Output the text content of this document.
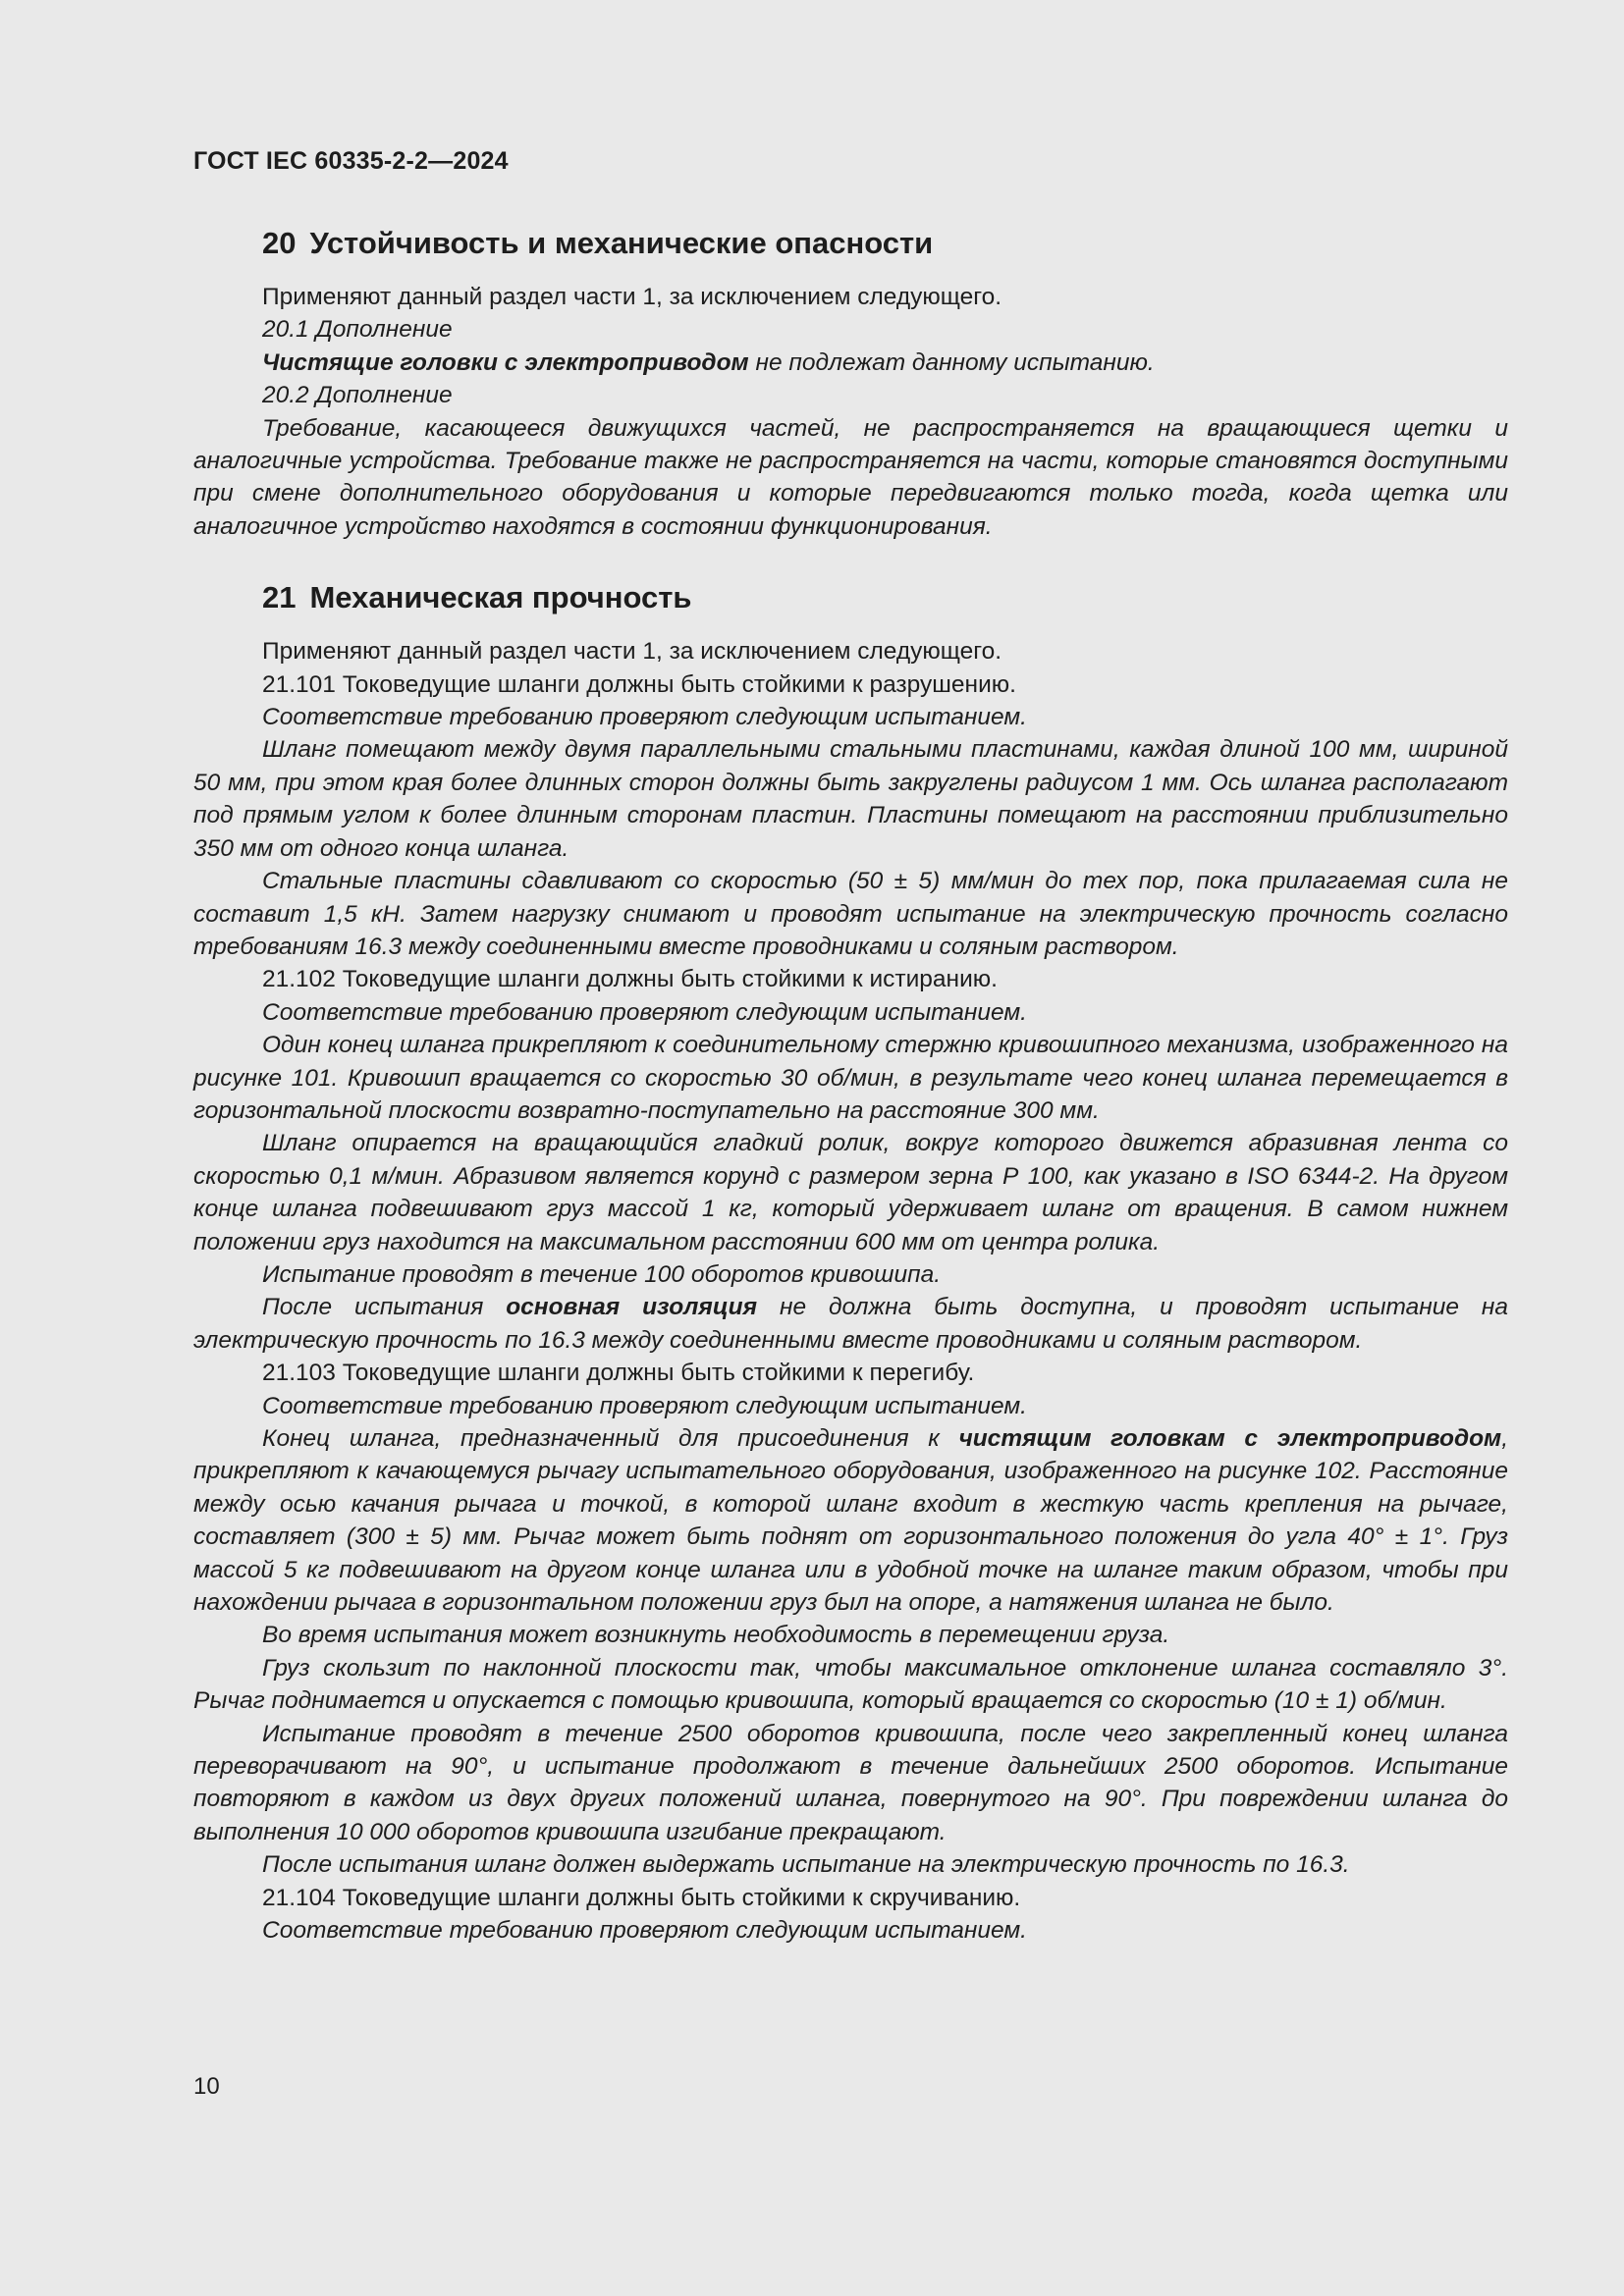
ГОСТ IEC 60335-2-2—2024
20 Устойчивость и механические опасности

Применяют данный раздел части 1, за исключением следующего.

20.1 Дополнение

Чистящие головки с электроприводом не подлежат данному испытанию.

20.2 Дополнение

Требование, касающееся движущихся частей, не распространяется на вращающиеся щетки и аналогичные устройства. Требование также не распространяется на части, которые становятся доступными при смене дополнительного оборудования и которые передвигаются только тогда, когда щетка или аналогичное устройство находятся в состоянии функционирования.

21 Механическая прочность

Применяют данный раздел части 1, за исключением следующего.

21.101 Токоведущие шланги должны быть стойкими к разрушению.

Соответствие требованию проверяют следующим испытанием.

Шланг помещают между двумя параллельными стальными пластинами, каждая длиной 100 мм, шириной 50 мм, при этом края более длинных сторон должны быть закруглены радиусом 1 мм. Ось шланга располагают под прямым углом к более длинным сторонам пластин. Пластины помещают на расстоянии приблизительно 350 мм от одного конца шланга.

Стальные пластины сдавливают со скоростью (50 ± 5) мм/мин до тех пор, пока прилагаемая сила не составит 1,5 кН. Затем нагрузку снимают и проводят испытание на электрическую прочность согласно требованиям 16.3 между соединенными вместе проводниками и соляным раствором.

21.102 Токоведущие шланги должны быть стойкими к истиранию.

Соответствие требованию проверяют следующим испытанием.

Один конец шланга прикрепляют к соединительному стержню кривошипного механизма, изображенного на рисунке 101. Кривошип вращается со скоростью 30 об/мин, в результате чего конец шланга перемещается в горизонтальной плоскости возвратно-поступательно на расстояние 300 мм.

Шланг опирается на вращающийся гладкий ролик, вокруг которого движется абразивная лента со скоростью 0,1 м/мин. Абразивом является корунд с размером зерна Р 100, как указано в ISO 6344-2. На другом конце шланга подвешивают груз массой 1 кг, который удерживает шланг от вращения. В самом нижнем положении груз находится на максимальном расстоянии 600 мм от центра ролика.

Испытание проводят в течение 100 оборотов кривошипа.

После испытания основная изоляция не должна быть доступна, и проводят испытание на электрическую прочность по 16.3 между соединенными вместе проводниками и соляным раствором.

21.103 Токоведущие шланги должны быть стойкими к перегибу.

Соответствие требованию проверяют следующим испытанием.

Конец шланга, предназначенный для присоединения к чистящим головкам с электроприводом, прикрепляют к качающемуся рычагу испытательного оборудования, изображенного на рисунке 102. Расстояние между осью качания рычага и точкой, в которой шланг входит в жесткую часть крепления на рычаге, составляет (300 ± 5) мм. Рычаг может быть поднят от горизонтального положения до угла 40° ± 1°. Груз массой 5 кг подвешивают на другом конце шланга или в удобной точке на шланге таким образом, чтобы при нахождении рычага в горизонтальном положении груз был на опоре, а натяжения шланга не было.

Во время испытания может возникнуть необходимость в перемещении груза.

Груз скользит по наклонной плоскости так, чтобы максимальное отклонение шланга составляло 3°. Рычаг поднимается и опускается с помощью кривошипа, который вращается со скоростью (10 ± 1) об/мин.

Испытание проводят в течение 2500 оборотов кривошипа, после чего закрепленный конец шланга переворачивают на 90°, и испытание продолжают в течение дальнейших 2500 оборотов. Испытание повторяют в каждом из двух других положений шланга, повернутого на 90°. При повреждении шланга до выполнения 10 000 оборотов кривошипа изгибание прекращают.

После испытания шланг должен выдержать испытание на электрическую прочность по 16.3.

21.104 Токоведущие шланги должны быть стойкими к скручиванию.

Соответствие требованию проверяют следующим испытанием.

10
